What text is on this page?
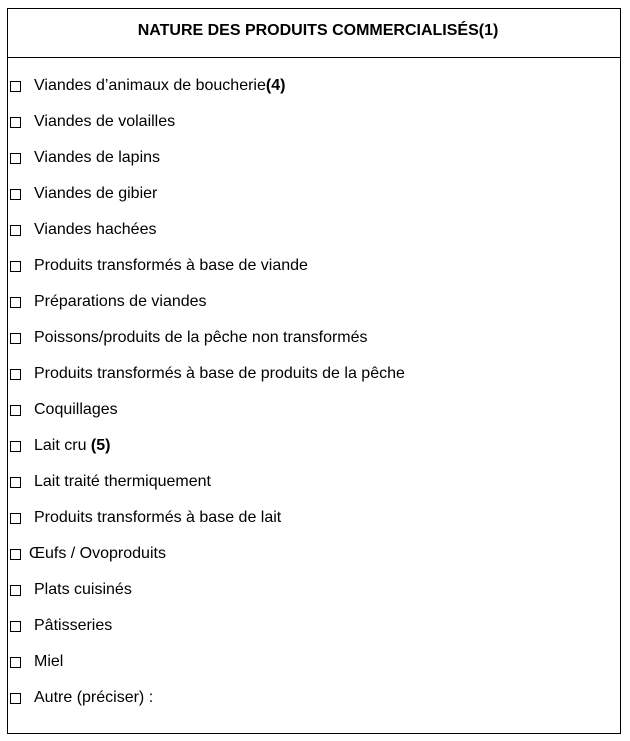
NATURE DES PRODUITS COMMERCIALISÉS(1)
Viandes d’animaux de boucherie (4)
Viandes de volailles
Viandes de lapins
Viandes de gibier
Viandes hachées
Produits transformés à base de viande
Préparations de viandes
Poissons/produits de la pêche non transformés
Produits transformés à base de produits de la pêche
Coquillages
Lait cru (5)
Lait traité thermiquement
Produits transformés à base de lait
Œufs / Ovoproduits
Plats cuisinés
Pâtisseries
Miel
Autre (préciser) :
